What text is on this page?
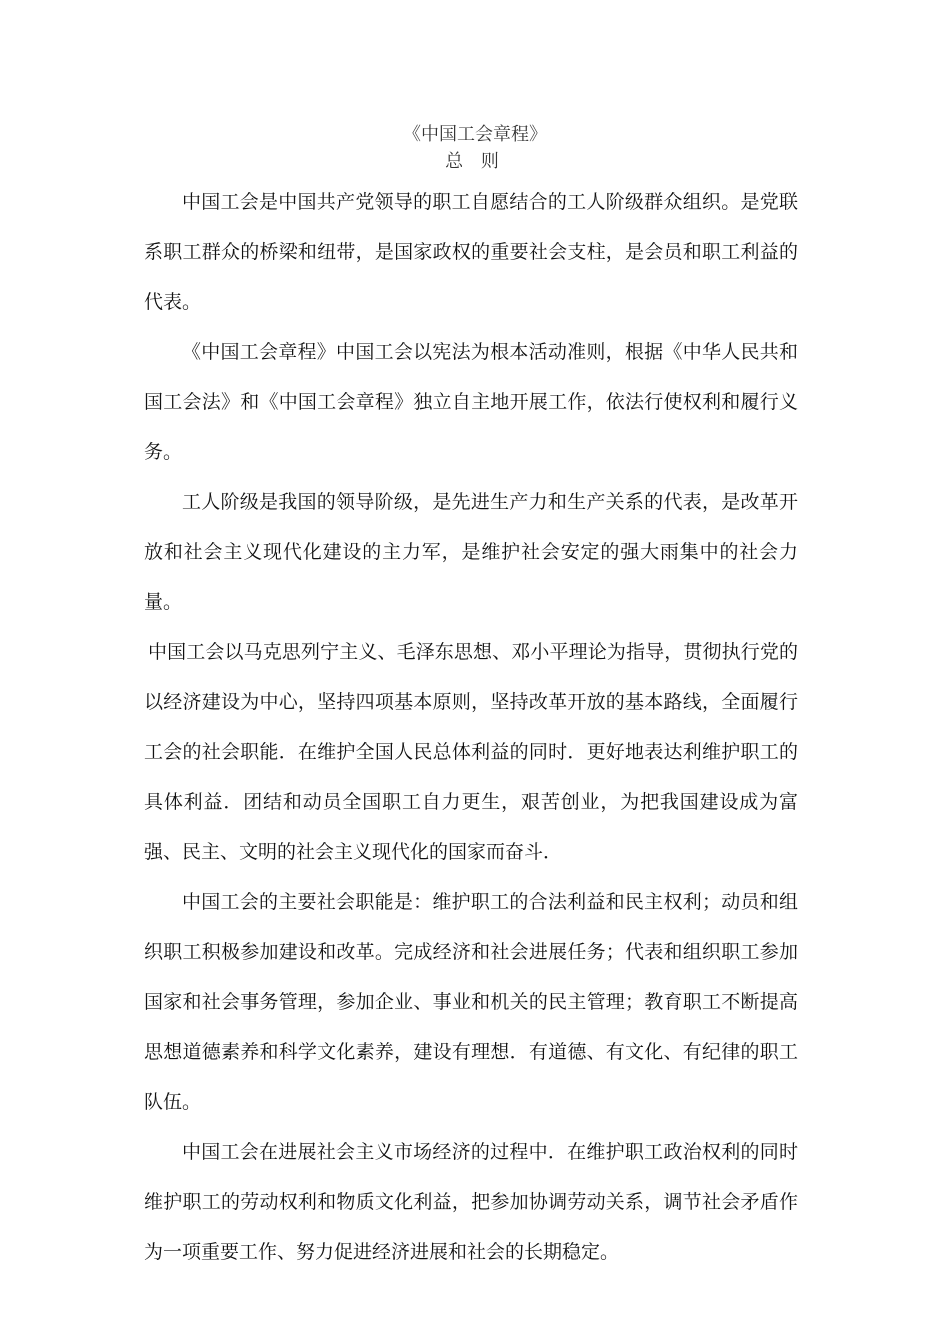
《中国工会章程》
总 则

中国工会是中国共产党领导的职工自愿结合的工人阶级群众组织。是党联系职工群众的桥梁和纽带，是国家政权的重要社会支柱，是会员和职工利益的代表。

《中国工会章程》中国工会以宪法为根本活动准则，根据《中华人民共和国工会法》和《中国工会章程》独立自主地开展工作，依法行使权利和履行义务。

工人阶级是我国的领导阶级，是先进生产力和生产关系的代表，是改革开放和社会主义现代化建设的主力军，是维护社会安定的强大雨集中的社会力量。

中国工会以马克思列宁主义、毛泽东思想、邓小平理论为指导，贯彻执行党的以经济建设为中心，坚持四项基本原则，坚持改革开放的基本路线，全面履行工会的社会职能．在维护全国人民总体利益的同时．更好地表达利维护职工的具体利益．团结和动员全国职工自力更生，艰苦创业，为把我国建设成为富强、民主、文明的社会主义现代化的国家而奋斗．

中国工会的主要社会职能是：维护职工的合法利益和民主权利；动员和组织职工积极参加建设和改革。完成经济和社会进展任务；代表和组织职工参加国家和社会事务管理，参加企业、事业和机关的民主管理；教育职工不断提高思想道德素养和科学文化素养，建设有理想．有道德、有文化、有纪律的职工队伍。

中国工会在进展社会主义市场经济的过程中．在维护职工政治权利的同时维护职工的劳动权利和物质文化利益，把参加协调劳动关系，调节社会矛盾作为一项重要工作、努力促进经济进展和社会的长期稳定。
